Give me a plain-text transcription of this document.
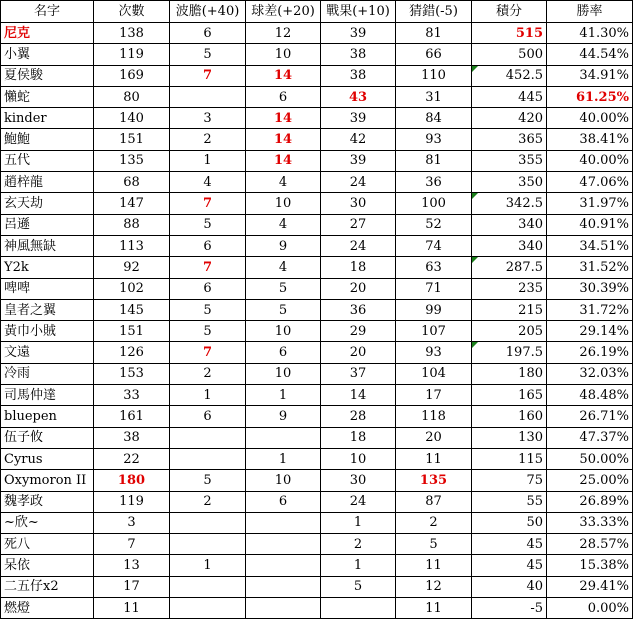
名字	次數	波膽(+40)	球差(+20)	戰果(+10)	猜錯(-5)	積分	勝率
尼克	138	6	12	39	81	515	41.30%
小翼	119	5	10	38	66	500	44.54%
夏侯駿	169	7	14	38	110	452.5	34.91%
懶蛇	80		6	43	31	445	61.25%
kinder	140	3	14	39	84	420	40.00%
鮑鮑	151	2	14	42	93	365	38.41%
五代	135	1	14	39	81	355	40.00%
趙梓龍	68	4	4	24	36	350	47.06%
玄天劫	147	7	10	30	100	342.5	31.97%
呂遜	88	5	4	27	52	340	40.91%
神風無缺	113	6	9	24	74	340	34.51%
Y2k	92	7	4	18	63	287.5	31.52%
啤啤	102	6	5	20	71	235	30.39%
皇者之翼	145	5	5	36	99	215	31.72%
黃巾小賊	151	5	10	29	107	205	29.14%
文遠	126	7	6	20	93	197.5	26.19%
冷雨	153	2	10	37	104	180	32.03%
司馬仲達	33	1	1	14	17	165	48.48%
bluepen	161	6	9	28	118	160	26.71%
伍子攸	38			18	20	130	47.37%
Cyrus	22		1	10	11	115	50.00%
Oxymoron II	180	5	10	30	135	75	25.00%
魏孝政	119	2	6	24	87	55	26.89%
~欣~	3			1	2	50	33.33%
死八	7			2	5	45	28.57%
呆依	13	1		1	11	45	15.38%
二五仔x2	17			5	12	40	29.41%
燃燈	11				11	-5	0.00%
